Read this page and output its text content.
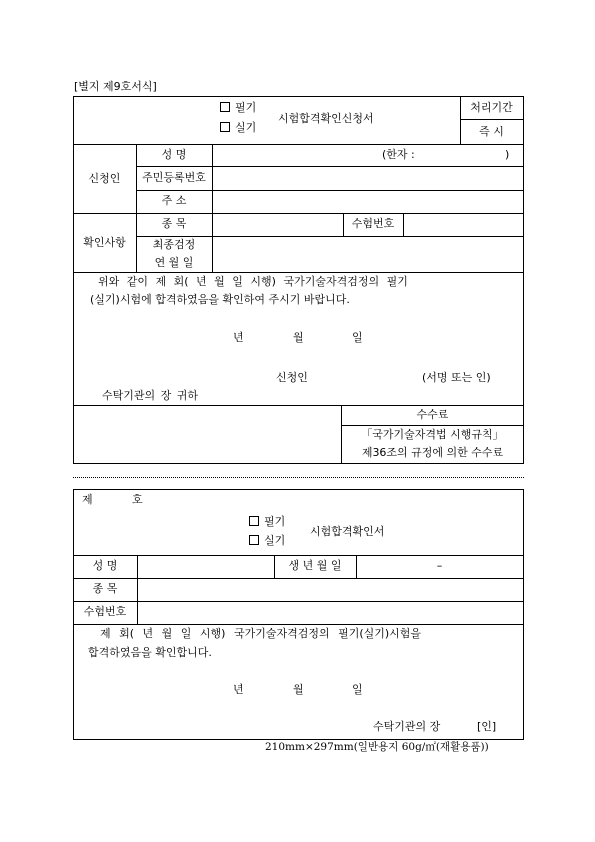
[별지 제9호서식]
필기
실기
시험합격확인신청서
처리기간
즉 시
신청인
성 명	(한자 :	)
주민등록번호
주 소
확인사항
종 목	수험번호
최종검정
연 월 일
위와 같이 제 회( 년 월 일 시행) 국가기술자격검정의 필기
(실기)시험에 합격하였음을 확인하여 주시기 바랍니다.
년	월	일
신청인	(서명 또는 인)
수탁기관의 장 귀하
수수료
「국가기술자격법 시행규칙」
제36조의 규정에 의한 수수료
제	호
필기
실기
시험합격확인서
성 명	생 년 월 일	–
종 목
수험번호
제 회( 년 월 일 시행) 국가기술자격검정의 필기(실기)시험을
합격하였음을 확인합니다.
년	월	일
수탁기관의 장	[인]
210mm×297mm(일반용지 60g/㎡(재활용품))
